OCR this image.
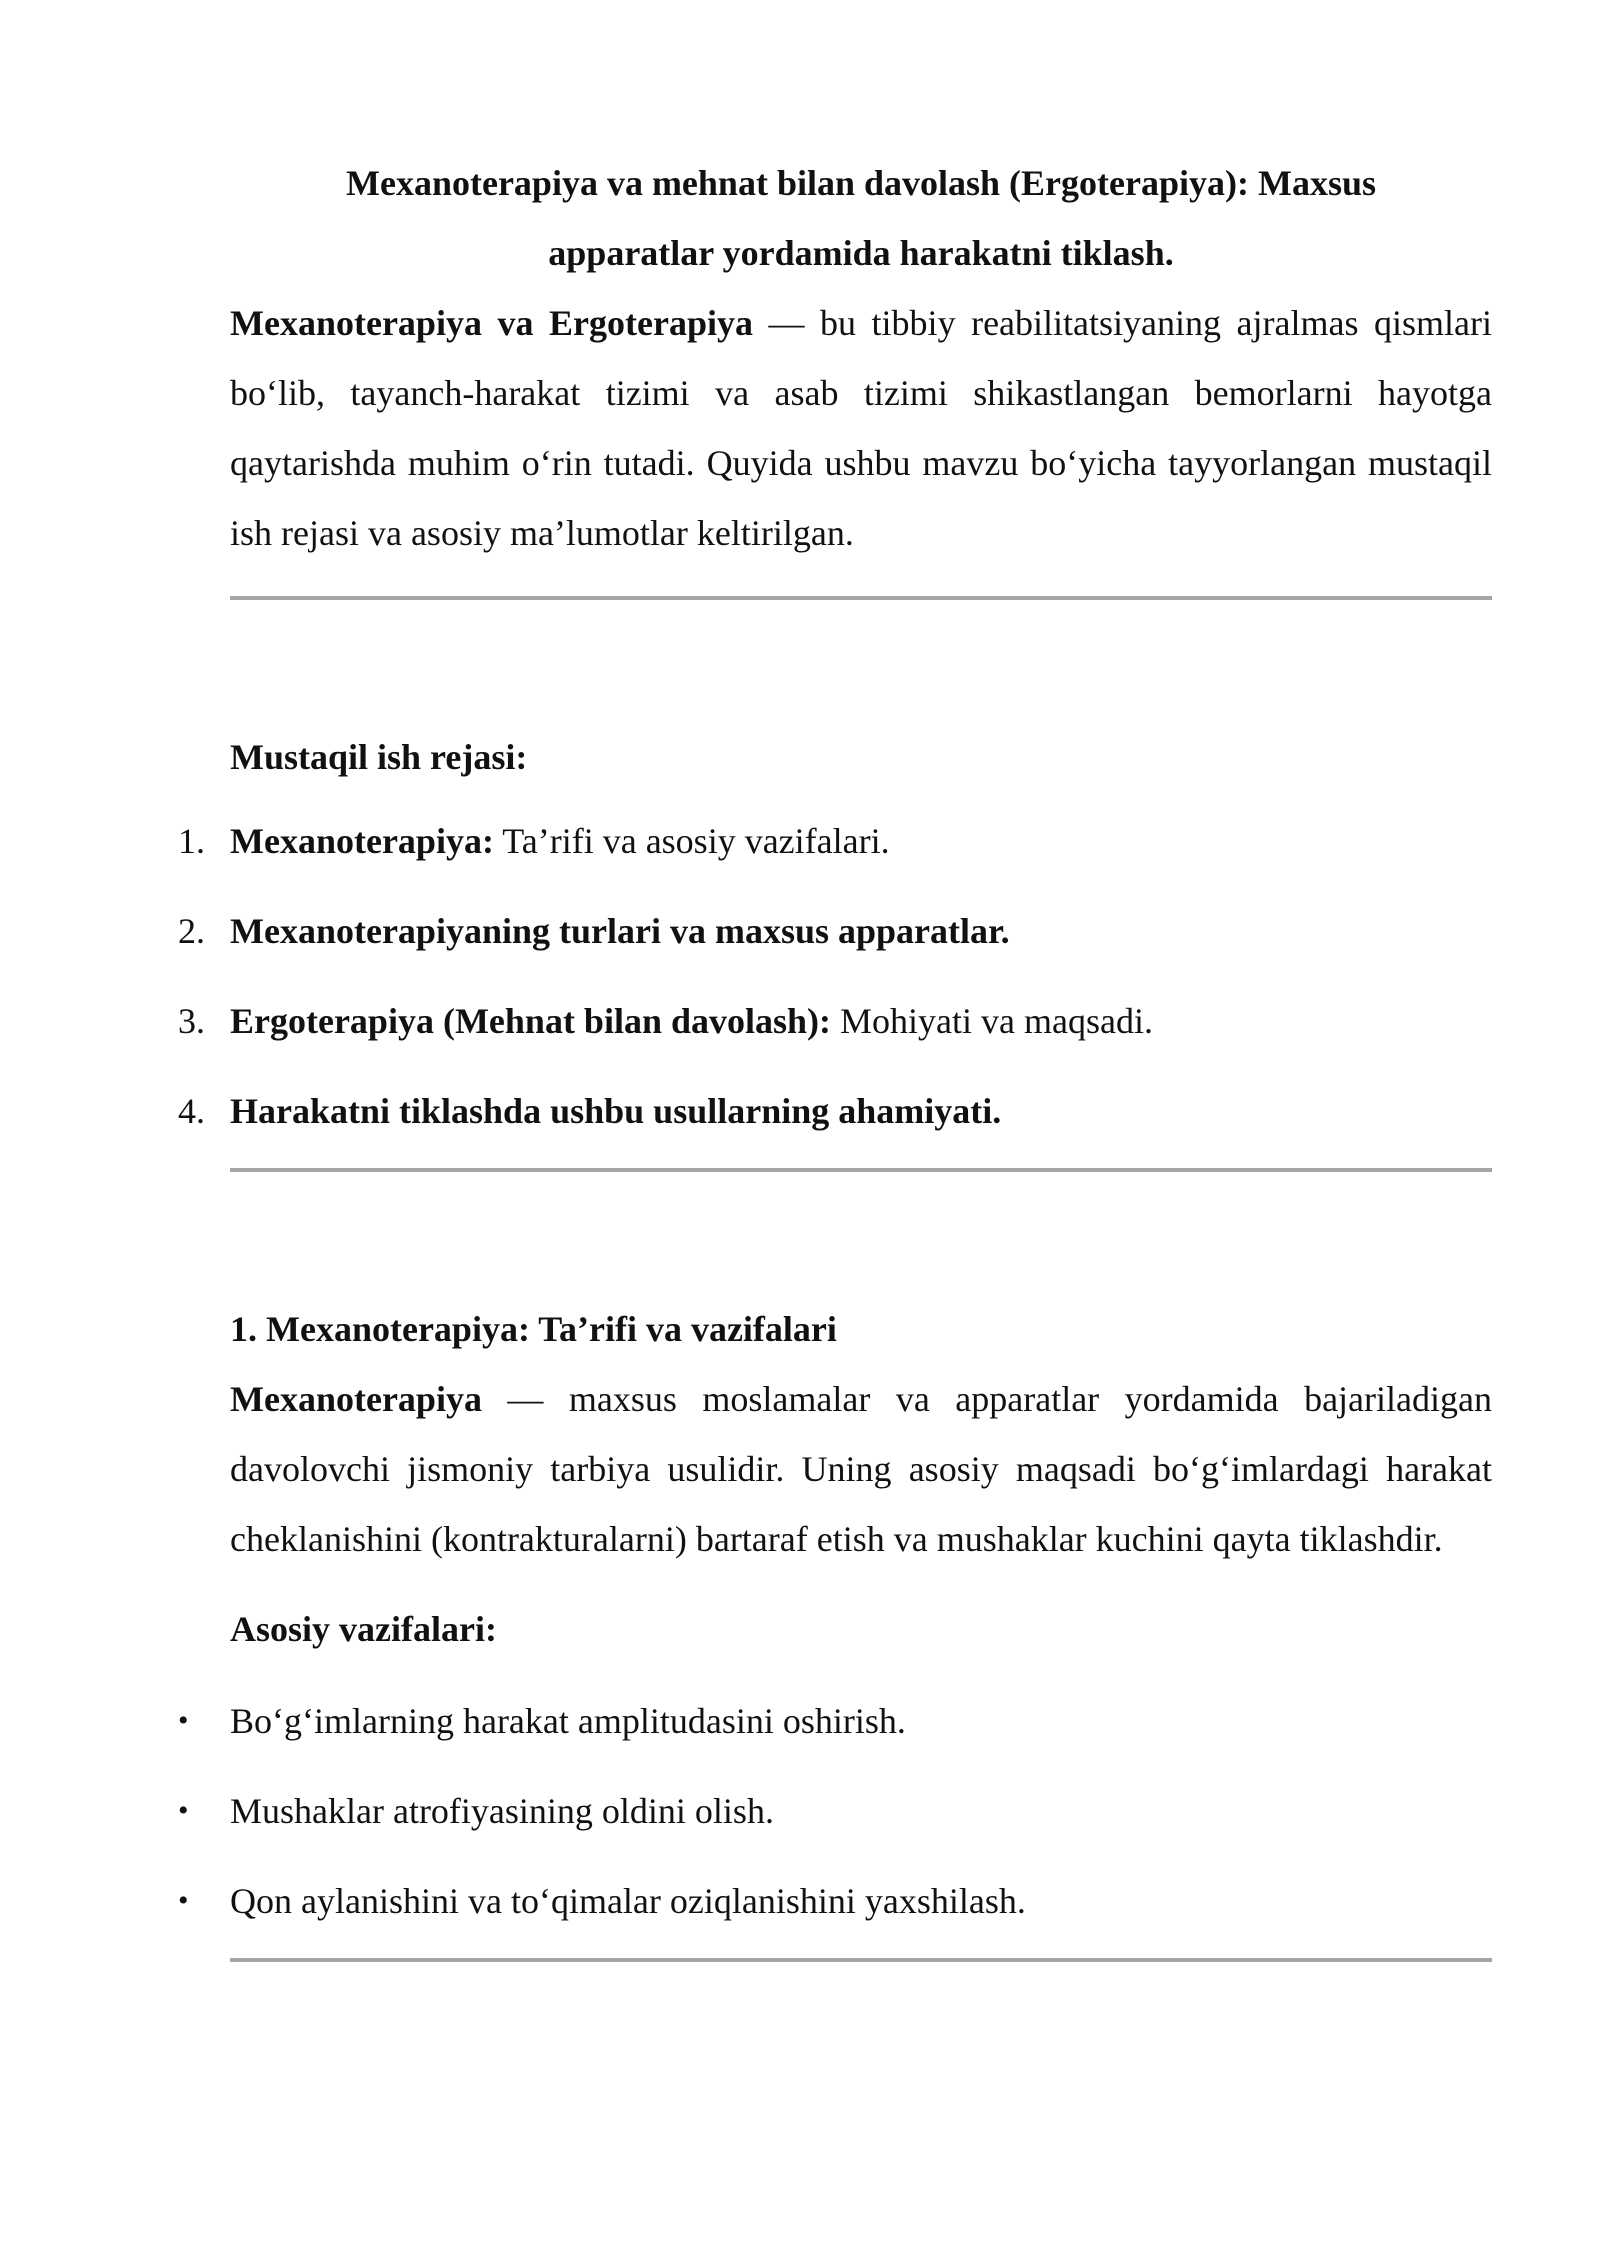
Mexanoterapiya va mehnat bilan davolash (Ergoterapiya): Maxsus apparatlar yordamida harakatni tiklash.

Mexanoterapiya va Ergoterapiya — bu tibbiy reabilitatsiyaning ajralmas qismlari bo‘lib, tayanch-harakat tizimi va asab tizimi shikastlangan bemorlarni hayotga qaytarishda muhim o‘rin tutadi. Quyida ushbu mavzu bo‘yicha tayyorlangan mustaqil ish rejasi va asosiy ma’lumotlar keltirilgan.

Mustaqil ish rejasi:

1. Mexanoterapiya: Ta’rifi va asosiy vazifalari.
2. Mexanoterapiyaning turlari va maxsus apparatlar.
3. Ergoterapiya (Mehnat bilan davolash): Mohiyati va maqsadi.
4. Harakatni tiklashda ushbu usullarning ahamiyati.

1. Mexanoterapiya: Ta’rifi va vazifalari

Mexanoterapiya — maxsus moslamalar va apparatlar yordamida bajariladigan davolovchi jismoniy tarbiya usulidir. Uning asosiy maqsadi bo‘g‘imlardagi harakat cheklanishini (kontrakturalarni) bartaraf etish va mushaklar kuchini qayta tiklashdir.

Asosiy vazifalari:

• Bo‘g‘imlarning harakat amplitudasini oshirish.
• Mushaklar atrofiyasining oldini olish.
• Qon aylanishini va to‘qimalar oziqlanishini yaxshilash.
